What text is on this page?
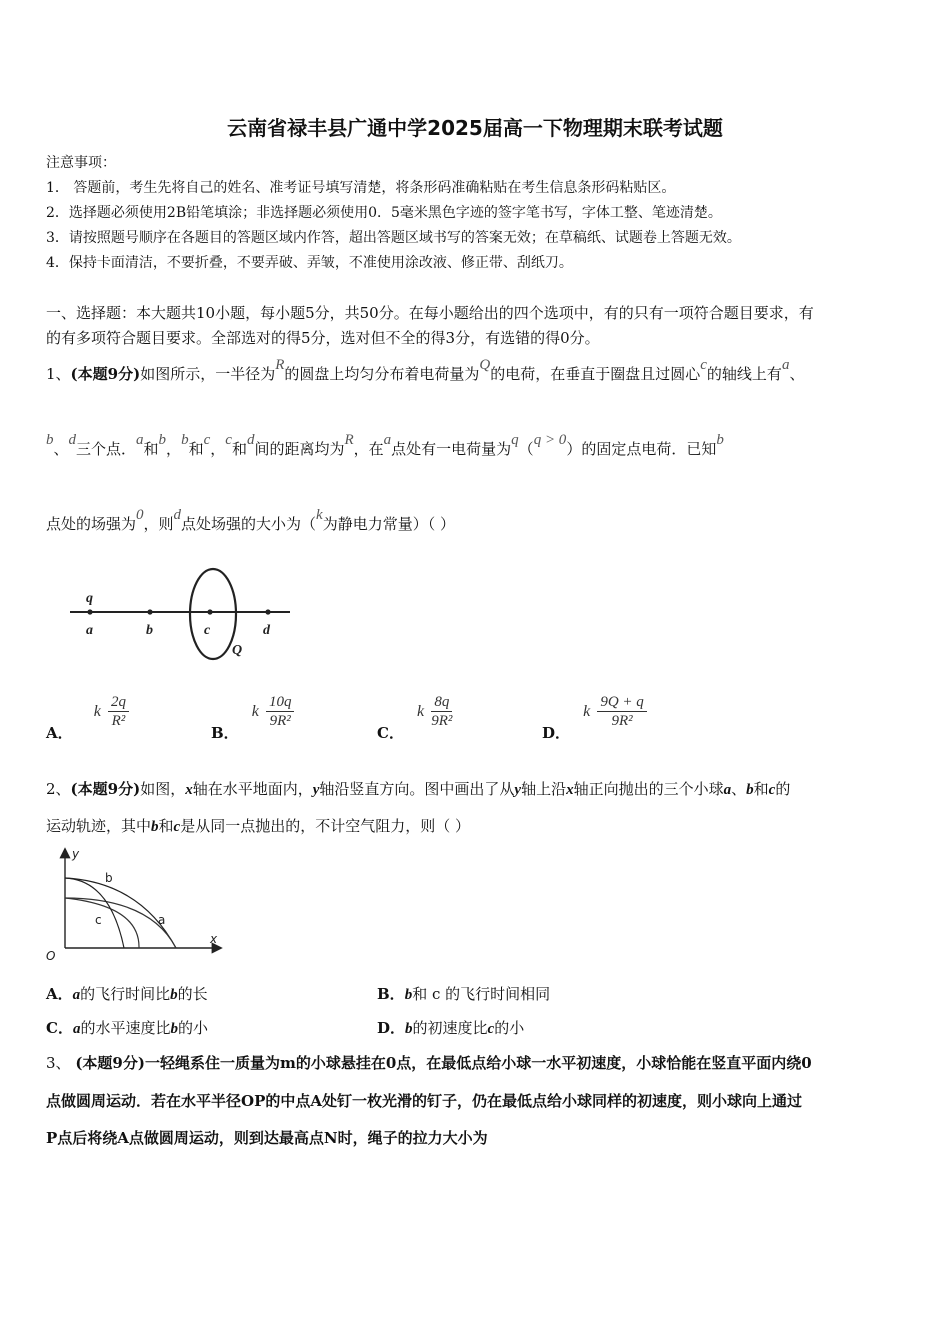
云南省禄丰县广通中学2025届高一下物理期末联考试题
注意事项：
1． 答题前，考生先将自己的姓名、准考证号填写清楚，将条形码准确粘贴在考生信息条形码粘贴区。
2．选择题必须使用2B铅笔填涂；非选择题必须使用0．5毫米黑色字迹的签字笔书写，字体工整、笔迹清楚。
3．请按照题号顺序在各题目的答题区域内作答，超出答题区域书写的答案无效；在草稿纸、试题卷上答题无效。
4．保持卡面清洁，不要折叠，不要弄破、弄皱，不准使用涂改液、修正带、刮纸刀。
一、选择题：本大题共10小题，每小题5分，共50分。在每小题给出的四个选项中，有的只有一项符合题目要求，有
的有多项符合题目要求。全部选对的得5分，选对但不全的得3分，有选错的得0分。
1、(本题9分)如图所示，一半径为R的圆盘上均匀分布着电荷量为Q的电荷，在垂直于圈盘且过圆心c的轴线上有a、
b、d三个点．a和b，b和c，c和d间的距离均为R，在a点处有一电荷量为q（q > 0）的固定点电荷．已知b
点处的场强为0，则d点处场强的大小为（k为静电力常量）（ ）
q
a	b	c	d
Q
A． k $\frac{2q}{\text{R²}}$
B． k $\frac{10q}{\text{9R²}}$
C． k $\frac{8q}{\text{9R²}}$
D． k $\frac{9Q + q}{\text{9R²}}$
2、(本题9分)如图，x轴在水平地面内，y轴沿竖直方向。图中画出了从y轴上沿x轴正向抛出的三个小球a、b和c的
运动轨迹，其中b和c是从同一点抛出的，不计空气阻力，则（ ）
y
x
O
b
c	a
A．a的飞行时间比b的长	B．b和 c 的飞行时间相同
C．a的水平速度比b的小	D．b的初速度比c的小
3、 (本题9分)一轻绳系住一质量为m的小球悬挂在0点，在最低点给小球一水平初速度，小球恰能在竖直平面内绕0
点做圆周运动．若在水平半径OP的中点A处钉一枚光滑的钉子，仍在最低点给小球同样的初速度，则小球向上通过
P点后将绕A点做圆周运动，则到达最高点N时，绳子的拉力大小为
